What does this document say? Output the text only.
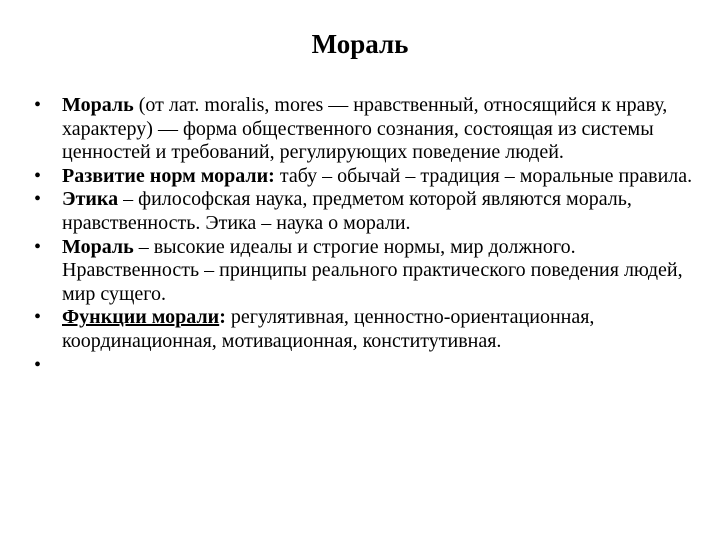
Мораль
•	Мораль (от лат. moralis, mores — нравственный, относящийся к нраву, характеру) — форма общественного сознания, состоящая из системы ценностей и требований, регулирующих поведение людей.
•	Развитие норм морали: табу – обычай – традиция – моральные правила.
•	Этика – философская наука, предметом которой являются мораль, нравственность. Этика – наука о морали.
•	Мораль – высокие идеалы и строгие нормы, мир должного. Нравственность – принципы реального практического поведения людей, мир сущего.
•	Функции морали: регулятивная, ценностно-ориентационная, координационная, мотивационная, конститутивная.
•
